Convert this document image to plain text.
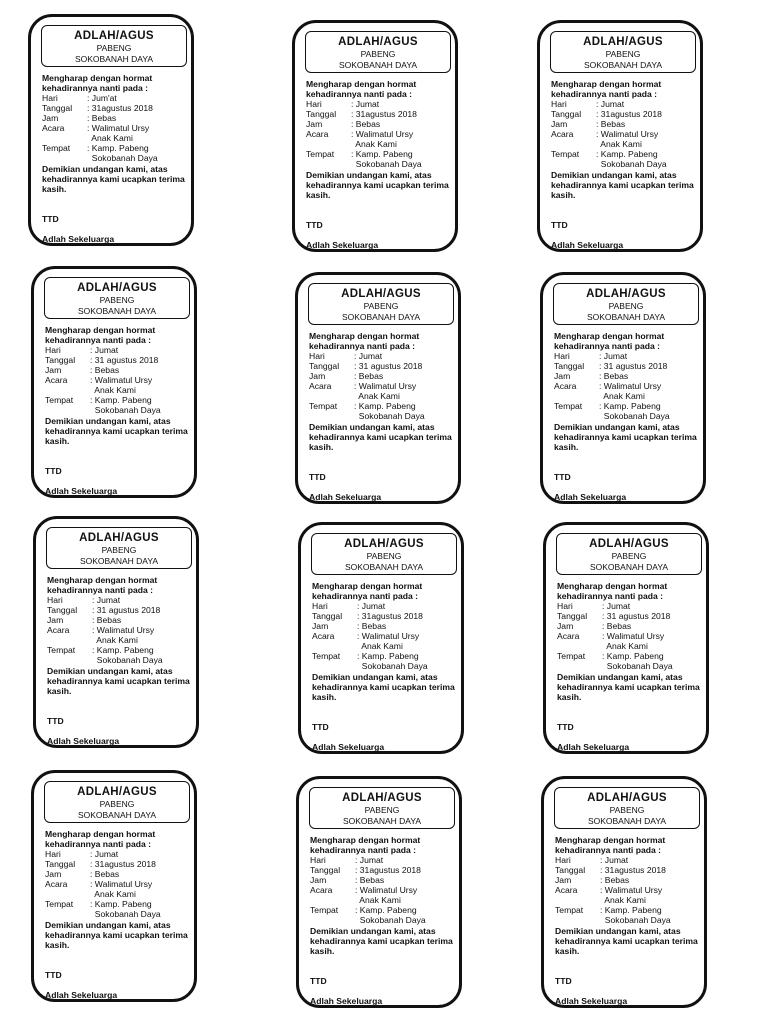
ADLAH/AGUS
PABENG
SOKOBANAH DAYA
Mengharap dengan hormat kehadirannya nanti pada :
Hari	: Jum'at
Tanggal	: 31agustus 2018
Jam	: Bebas
Acara	: Walimatul Ursy
Anak Kami
Tempat	: Kamp. Pabeng
Sokobanah Daya
Demikian undangan kami, atas kehadirannya kami ucapkan terima kasih.
TTD
Adlah Sekeluarga
ADLAH/AGUS
PABENG
SOKOBANAH DAYA
Mengharap dengan hormat kehadirannya nanti pada :
Hari	: Jumat
Tanggal	: 31agustus 2018
Jam	: Bebas
Acara	: Walimatul Ursy
Anak Kami
Tempat	: Kamp. Pabeng
Sokobanah Daya
Demikian undangan kami, atas kehadirannya kami ucapkan terima kasih.
TTD
Adlah Sekeluarga
ADLAH/AGUS
PABENG
SOKOBANAH DAYA
Mengharap dengan hormat kehadirannya nanti pada :
Hari	: Jumat
Tanggal	: 31agustus 2018
Jam	: Bebas
Acara	: Walimatul Ursy
Anak Kami
Tempat	: Kamp. Pabeng
Sokobanah Daya
Demikian undangan kami, atas kehadirannya kami ucapkan terima kasih.
TTD
Adlah Sekeluarga
ADLAH/AGUS
PABENG
SOKOBANAH DAYA
Mengharap dengan hormat kehadirannya nanti pada :
Hari	: Jumat
Tanggal	: 31 agustus 2018
Jam	: Bebas
Acara	: Walimatul Ursy
Anak Kami
Tempat	: Kamp. Pabeng
Sokobanah Daya
Demikian undangan kami, atas kehadirannya kami ucapkan terima kasih.
TTD
Adlah Sekeluarga
ADLAH/AGUS
PABENG
SOKOBANAH DAYA
Mengharap dengan hormat kehadirannya nanti pada :
Hari	: Jumat
Tanggal	: 31 agustus 2018
Jam	: Bebas
Acara	: Walimatul Ursy
Anak Kami
Tempat	: Kamp. Pabeng
Sokobanah Daya
Demikian undangan kami, atas kehadirannya kami ucapkan terima kasih.
TTD
Adlah Sekeluarga
ADLAH/AGUS
PABENG
SOKOBANAH DAYA
Mengharap dengan hormat kehadirannya nanti pada :
Hari	: Jumat
Tanggal	: 31 agustus 2018
Jam	: Bebas
Acara	: Walimatul Ursy
Anak Kami
Tempat	: Kamp. Pabeng
Sokobanah Daya
Demikian undangan kami, atas kehadirannya kami ucapkan terima kasih.
TTD
Adlah Sekeluarga
ADLAH/AGUS
PABENG
SOKOBANAH DAYA
Mengharap dengan hormat kehadirannya nanti pada :
Hari	: Jumat
Tanggal	: 31 agustus 2018
Jam	: Bebas
Acara	: Walimatul Ursy
Anak Kami
Tempat	: Kamp. Pabeng
Sokobanah Daya
Demikian undangan kami, atas kehadirannya kami ucapkan terima kasih.
TTD
Adlah Sekeluarga
ADLAH/AGUS
PABENG
SOKOBANAH DAYA
Mengharap dengan hormat kehadirannya nanti pada :
Hari	: Jumat
Tanggal	: 31agustus 2018
Jam	: Bebas
Acara	: Walimatul Ursy
Anak Kami
Tempat	: Kamp. Pabeng
Sokobanah Daya
Demikian undangan kami, atas kehadirannya kami ucapkan terima kasih.
TTD
Adlah Sekeluarga
ADLAH/AGUS
PABENG
SOKOBANAH DAYA
Mengharap dengan hormat kehadirannya nanti pada :
Hari	: Jumat
Tanggal	: 31 agustus 2018
Jam	: Bebas
Acara	: Walimatul Ursy
Anak Kami
Tempat	: Kamp. Pabeng
Sokobanah Daya
Demikian undangan kami, atas kehadirannya kami ucapkan terima kasih.
TTD
Adlah Sekeluarga
ADLAH/AGUS
PABENG
SOKOBANAH DAYA
Mengharap dengan hormat kehadirannya nanti pada :
Hari	: Jumat
Tanggal	: 31agustus 2018
Jam	: Bebas
Acara	: Walimatul Ursy
Anak Kami
Tempat	: Kamp. Pabeng
Sokobanah Daya
Demikian undangan kami, atas kehadirannya kami ucapkan terima kasih.
TTD
Adlah Sekeluarga
ADLAH/AGUS
PABENG
SOKOBANAH DAYA
Mengharap dengan hormat kehadirannya nanti pada :
Hari	: Jumat
Tanggal	: 31agustus 2018
Jam	: Bebas
Acara	: Walimatul Ursy
Anak Kami
Tempat	: Kamp. Pabeng
Sokobanah Daya
Demikian undangan kami, atas kehadirannya kami ucapkan terima kasih.
TTD
Adlah Sekeluarga
ADLAH/AGUS
PABENG
SOKOBANAH DAYA
Mengharap dengan hormat kehadirannya nanti pada :
Hari	: Jumat
Tanggal	: 31agustus 2018
Jam	: Bebas
Acara	: Walimatul Ursy
Anak Kami
Tempat	: Kamp. Pabeng
Sokobanah Daya
Demikian undangan kami, atas kehadirannya kami ucapkan terima kasih.
TTD
Adlah Sekeluarga
